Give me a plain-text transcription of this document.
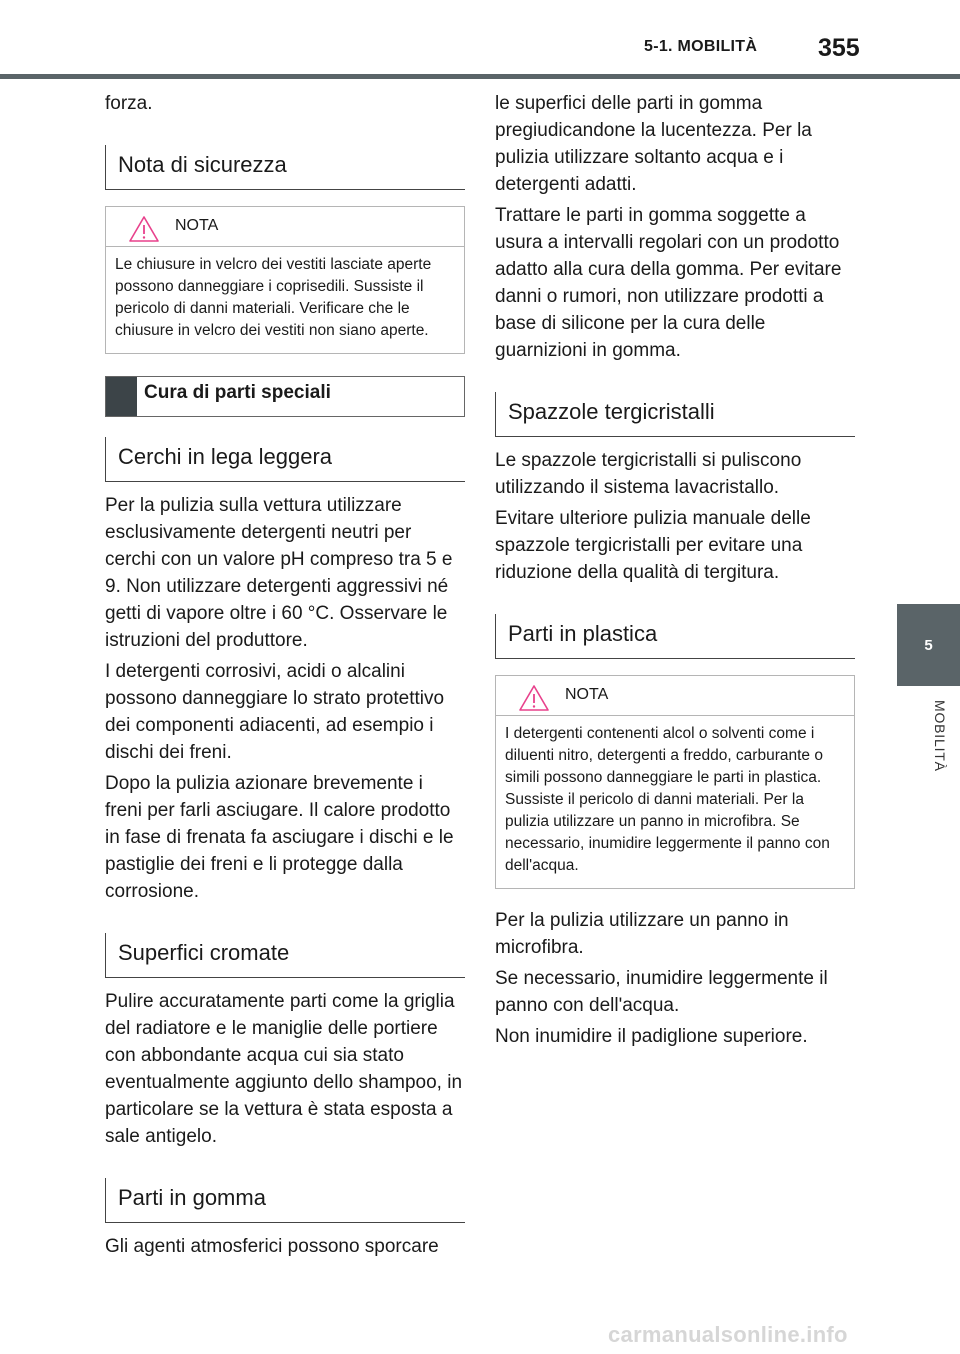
5-1. MOBILITÀ 355
5
MOBILITÀ

forza.

Nota di sicurezza
NOTA
Le chiusure in velcro dei vestiti lasciate aperte possono danneggiare i coprisedili. Sussiste il pericolo di danni materiali. Verificare che le chiusure in velcro dei vestiti non siano aperte.
Cura di parti speciali
Cerchi in lega leggera

Per la pulizia sulla vettura utilizzare esclusivamente detergenti neutri per cerchi con un valore pH compreso tra 5 e 9. Non utilizzare detergenti aggressivi né getti di vapore oltre i 60 °C. Osservare le istruzioni del produttore.

I detergenti corrosivi, acidi o alcalini possono danneggiare lo strato protettivo dei componenti adiacenti, ad esempio i dischi dei freni.

Dopo la pulizia azionare brevemente i freni per farli asciugare. Il calore prodotto in fase di frenata fa asciugare i dischi e le pastiglie dei freni e li protegge dalla corrosione.

Superfici cromate

Pulire accuratamente parti come la griglia del radiatore e le maniglie delle portiere con abbondante acqua cui sia stato eventualmente aggiunto dello shampoo, in particolare se la vettura è stata esposta a sale antigelo.

Parti in gomma

Gli agenti atmosferici possono sporcare

le superfici delle parti in gomma pregiudicandone la lucentezza. Per la pulizia utilizzare soltanto acqua e i detergenti adatti.

Trattare le parti in gomma soggette a usura a intervalli regolari con un prodotto adatto alla cura della gomma. Per evitare danni o rumori, non utilizzare prodotti a base di silicone per la cura delle guarnizioni in gomma.

Spazzole tergicristalli

Le spazzole tergicristalli si puliscono utilizzando il sistema lavacristallo.

Evitare ulteriore pulizia manuale delle spazzole tergicristalli per evitare una riduzione della qualità di tergitura.

Parti in plastica
NOTA
I detergenti contenenti alcol o solventi come i diluenti nitro, detergenti a freddo, carburante o simili possono danneggiare le parti in plastica. Sussiste il pericolo di danni materiali. Per la pulizia utilizzare un panno in microfibra. Se necessario, inumidire leggermente il panno con dell'acqua.

Per la pulizia utilizzare un panno in microfibra.

Se necessario, inumidire leggermente il panno con dell'acqua.

Non inumidire il padiglione superiore.

carmanualsonline.info
